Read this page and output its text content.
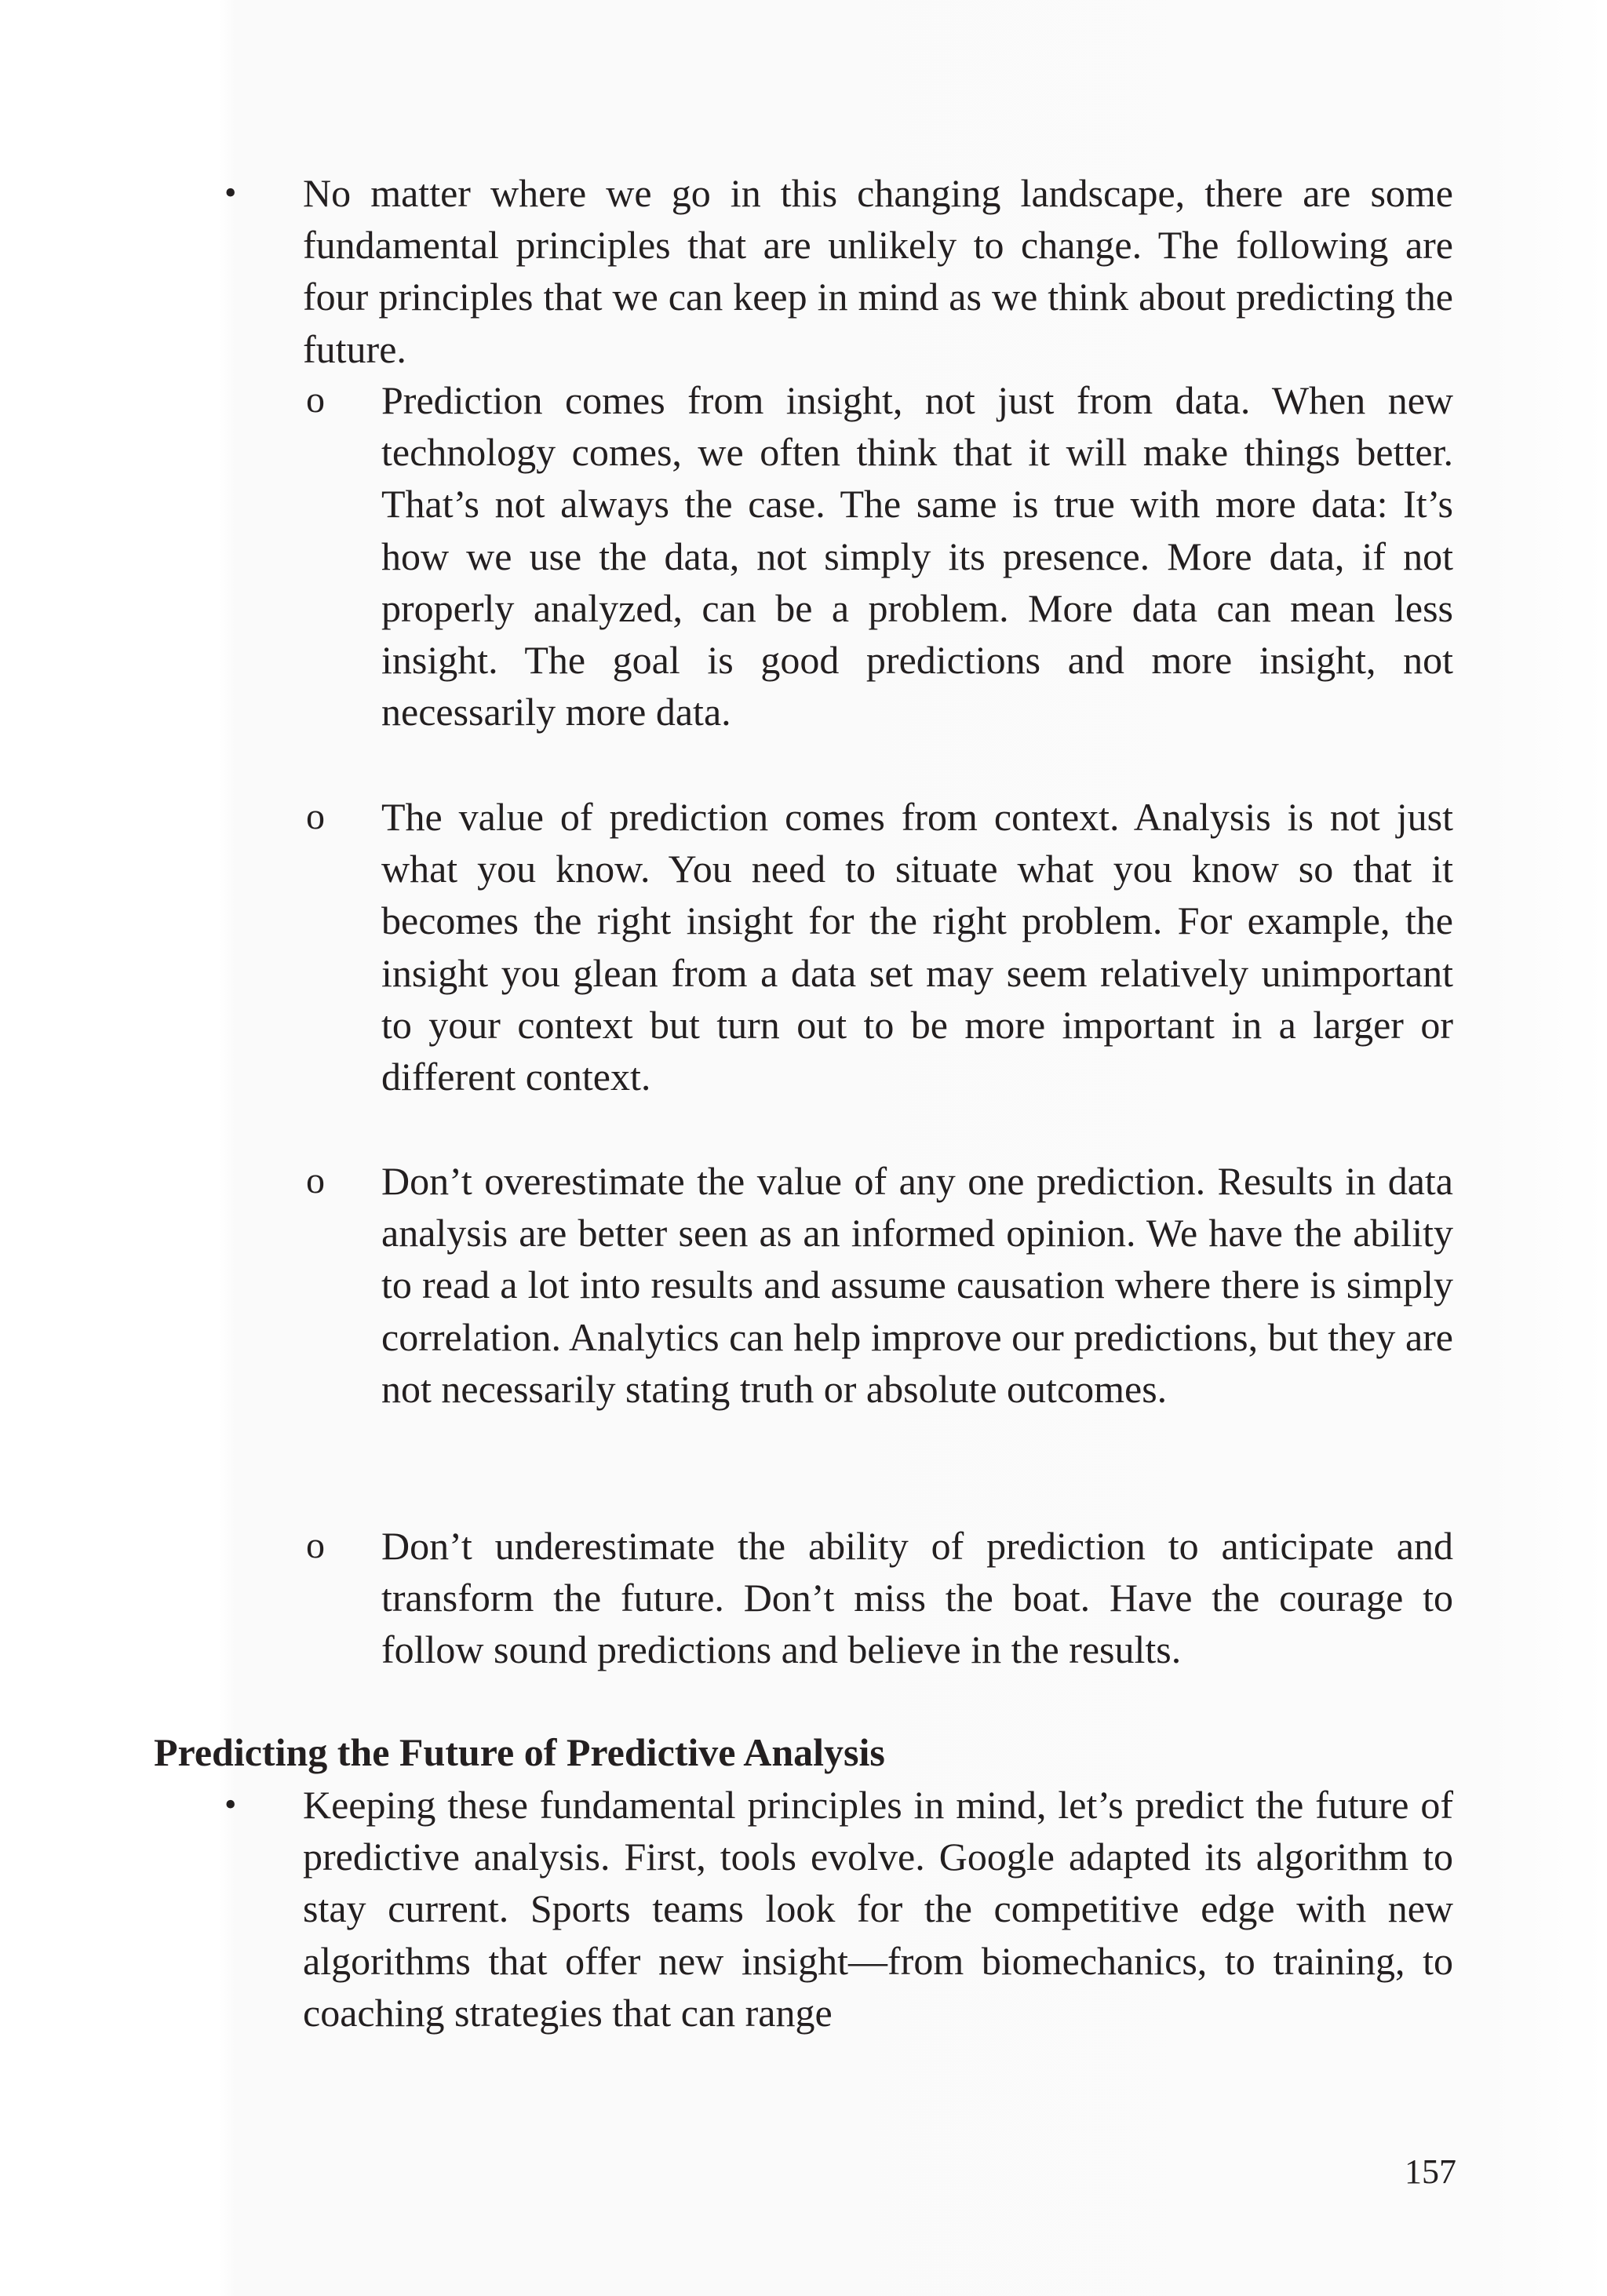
• No matter where we go in this changing landscape, there are some fundamental principles that are unlikely to change. The following are four principles that we can keep in mind as we think about predicting the future.

o Prediction comes from insight, not just from data. When new technology comes, we often think that it will make things better. That’s not always the case. The same is true with more data: It’s how we use the data, not simply its presence. More data, if not properly analyzed, can be a problem. More data can mean less insight. The goal is good predictions and more insight, not necessarily more data.

o The value of prediction comes from context. Analysis is not just what you know. You need to situate what you know so that it becomes the right insight for the right problem. For example, the insight you glean from a data set may seem relatively unimportant to your context but turn out to be more important in a larger or different context.

o Don’t overestimate the value of any one prediction. Results in data analysis are better seen as an informed opinion. We have the ability to read a lot into results and assume causation where there is simply correlation. Analytics can help improve our predictions, but they are not necessarily stating truth or absolute outcomes.

o Don’t underestimate the ability of prediction to anticipate and transform the future. Don’t miss the boat. Have the courage to follow sound predictions and believe in the results.

Predicting the Future of Predictive Analysis
• Keeping these fundamental principles in mind, let’s predict the future of predictive analysis. First, tools evolve. Google adapted its algorithm to stay current. Sports teams look for the competitive edge with new algorithms that offer new insight—from biomechanics, to training, to coaching strategies that can range

157
